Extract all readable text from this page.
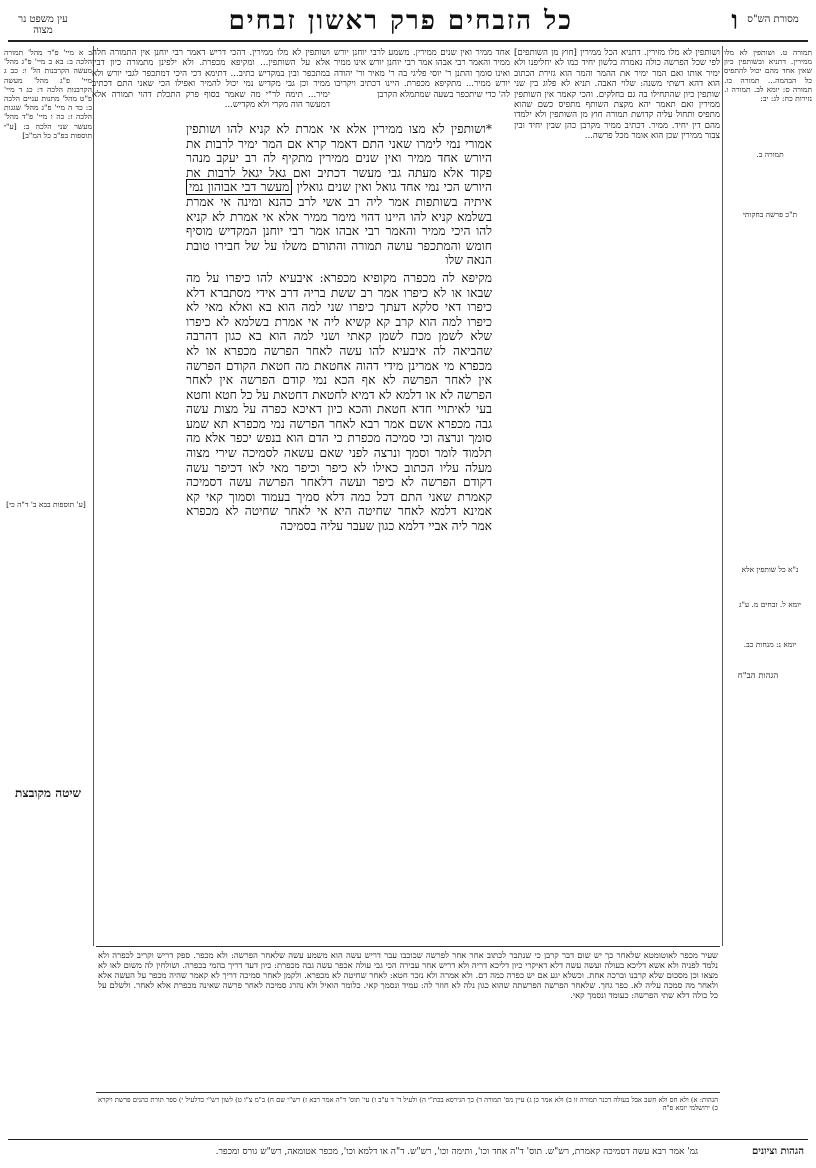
מסורת הש"ס
כל הזבחים פרק ראשון זבחים	ו
עין משפט נר מצוה

תמורה ט. ושותפין לא מלו ממירין. דתניא ובשותפין כיון שאין אחד מהם יכול להתפיס כל הבהמה... תמורה כו. תמורה ס: יומא לב. תמורה ו. נזירות כח: לג: יב:

תמורה ב.
ת"כ פרשה בחקותי
נ"א כל שותפין אלא
יומא ל. זבחים מ. ע"ג
יומא נ: מנחות כב.
הגהות הב"ח

ושותפין לא מלו מזירין. דתניא הכל ממירין [חוץ מן השותפים] לפי שכל הפרשה כולה נאמרה בלשון יחיד כמו לא יחליפנו ולא ימיר אותו ואם המר ימיר את ההמר והמר הוא גזירת הכתוב הוא דהא דשתי משנה: שלוי האבה. תניא לא פלוג בין שני שותפין כיון שהתחילו בה גם בחלקים. והכי קאמר אין השותפין ממירין ואם תאמר יהא מקצת השותף מתפיס כשם שהוא מתפיס ותחול עליה קדושת תמורה חוץ מן השותפין ולא ילמדו מהם דין יחיד. ממיר. דכתיב ממיר מקרבן כהן שבין יחיד ובין צבור ממירין שכן הוא אומר מכל פרשה...

אחד ממיר ואין שנים ממירין. משמע לרבי יוחנן יורש ממיר והאמר רבי אבהו אמר רבי יוחנן יורש אינו ממיר ואינו סומך והתנן ר' יוסי פליגי בה ר' מאיר ור' יהודה יורש ממיר... מתקיפא מכפרת. היינו דכתיב ויקריבו לה' כדי שיתכפר בשעה שמתמלא הקרבן

ושותפין לא מלו ממירין. דהכי דריש דאמר רבי יוחנן אין התמורה חלה אלא על השותפין... ומקיפא מכפרת. ולא ילפינן מתמורה כיון דבין במתכפר ובין במקדיש כתיב... דתימא דכי היכי דמתכפר לגבי יורש ולא ממיר וכן גבי מקדיש נמי יכול להמיר ואפילו הכי שאני התם דכתיב ימיר... תימה לר"י מה שאמר בסוף פרק התכלת דהוי תמורה אלא דמעשר הוה מקרי ולא מקדיש...

ב א מיי' פ"ד מהל' תמורה הלכה ב: בא ב מיי' פ"ג מהל' מעשה הקרבנות הל' ו: כב ג מיי' פ"ג מהל' מעשה הקרבנות הלכה ד: כג ד מיי' פ"ט מהל' מתנות עניים הלכה ב: כד ה מיי' פ"ג מהל' שגגות הלכה ז: כה ו מיי' פ"ד מהל' מעשר שני הלכה ב: [ע"י תוספות בפ"ב כל המ"ב]

[ע' תוספות בבא ב' ד"ה כי]
שיטה מקובצת

*ושותפין לא מצו ממירין אלא אי אמרת לא קניא להו ושותפין אמורי נמי לימרו שאני התם דאמר קרא אם המר ימיר לרבות את היורש אחד ממיר ואין שנים ממירין מתקיף לה רב יעקב מנהר פקוד אלא מעתה גבי מעשר דכתיב ואם גאל יגאל לרבות את היורש הכי נמי אחד גואל ואין שנים גואלין מעשר דבי אבוהון נמי איתיה בשותפות אמר ליה רב אשי לרב כהנא ומינה אי אמרת בשלמא קניא להו היינו דהוי מימר ממיר אלא אי אמרת לא קניא להו היכי ממיר והאמר רבי אבהו אמר רבי יוחנן המקדיש מוסיף חומש והמתכפר עושה תמורה והתורם משלו על של חבירו טובת הנאה שלו

מקיפא לה מכפרה מקופיא מכפרא: איבעיא להו כיפרו על מה שבאו או לא כיפרו אמר רב ששת בריה דרב אידי מסתברא דלא כיפרו דאי סלקא דעתך כיפרו שני למה הוא בא ואלא מאי לא כיפרו למה הוא קרב קא קשיא ליה אי אמרת בשלמא לא כיפרו שלא לשמן מכח לשמן קאתי ושני למה הוא בא כגון דהרבה שהביאה לה איבעיא להו עשה לאחר הפרשה מכפרא או לא מכפרא מי אמרינן מידי דהוה אחטאת מה חטאת הקודם הפרשה אין לאחר הפרשה לא אף הכא נמי קודם הפרשה אין לאחר הפרשה לא או דלמא לא דמיא לחטאת דחטאת על כל חטא וחטא בעי לאיתויי חדא חטאת והכא כיון דאיכא כפרה על מצות עשה גבה מכפרא אשם אמר רבא לאחר הפרשה נמי מכפרא תא שמע סומך ונרצה וכי סמיכה מכפרת כי הדם הוא בנפש יכפר אלא מה תלמוד לומר וסמך ונרצה לפני שאם עשאה לסמיכה שירי מצוה מעלה עליו הכתוב כאילו לא כיפר וכיפר מאי לאו דכיפר עשה דקודם הפרשה לא כיפר ועשה דלאחר הפרשה עשה דסמיכה קאמרת שאני התם דכל כמה דלא סמיך בעמוד וסמוך קאי קא אמינא דלמא לאחר שחיטה היא אי לאחר שחיטה לא מכפרא אמר ליה אביי דלמא כגון שעבר עליה בסמיכה

שעיר מכפר לאוטומטא שלאחר כך יש שום דבר קרבן כי שנתבר לכתוב אחר אחר לפרשה שכוכבו עבר דריש עשה הוא משמע עשה שלאחר הפרשה: ולא מכפר. ספק דריש וקריב לכפרה ולא נלמד לפניה ולא אשא דליכא בעולה ועשה עשה דלא דאיקרי כיון דליכא דריה ולא דריש אחר עבירה הכי גבי עולה אכפר עשה גבה מכפרת: כיון דעד דריך בהמי בכפרה. ושולחין לה משום לאו לא מצאו וכן מסכום שלא קרבנו וברכה אחת. וכשלא יגע אם יש כפרה כמה דם. ולא אמרה ולא נזכר חטא: לאחר שחיטה לא מכפרא. ולקמן לאחר סמיכה דריך לא קאמר שהיה מכפר על העשה אלא ולאחר מה סמכה עליה לא. כפר גחך. שלאחר הפרשה הפרשתה שהוא כגון נלה לא חוזר לה: עמיד ונסמך קאי. כלומר הואיל ולא נהרג סמיכה לאחר פרשה שאינה מכפרת אלא לאחר. ולשלם על כל כולה דלא שתי הפרשה: כעומד ונסמך קאי.

הגהות: א) ולא חס ולא חשב אבל בעולה דכנר תמורה זו ב) ולא אמר כן ג) עיין מס' תמורה ד) כך הגירסא בכת"י ה) ולעיל ד' ד ע"ב ו) עי' תוס' ד"ה אמר רבא ז) רש"י שם ח) ב"מ צ"ו ט) לשון רש"י כדלעיל י) ספר תורת כהנים פרשת ויקרא כ) ירושלמי יומא פ"ה

הגהות וציונים
גמ' אמר רבא עשה דסמיכה קאמרת, רש"ש. תוס' ד"ה אחד וכו', ותימה וכו', רש"ש. ד"ה או דלמא וכו', מכפר אטומאה, רש"ש גורס ומכפר.
